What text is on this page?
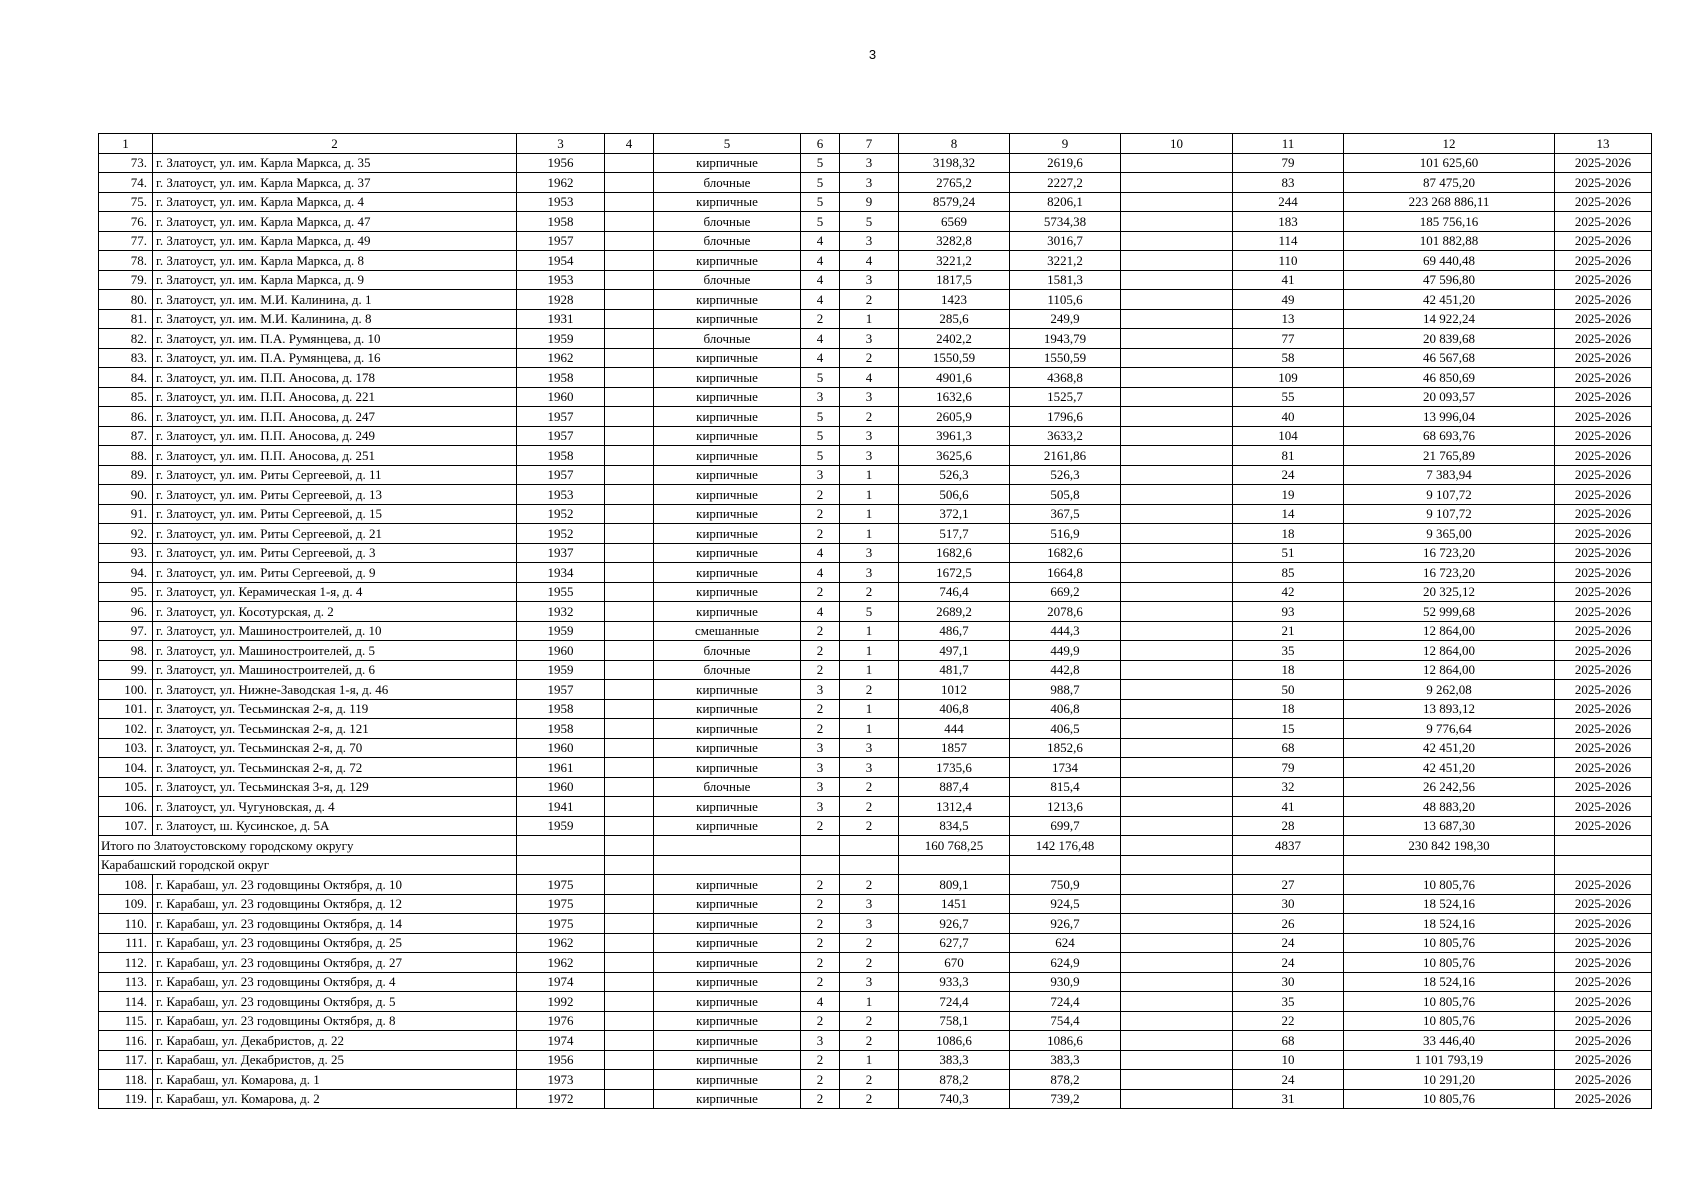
3
1	2	3	4	5	6	7	8	9	10	11	12	13
73.	г. Златоуст, ул. им. Карла Маркса, д. 35	1956		кирпичные	5	3	3198,32	2619,6		79	101 625,60	2025-2026
74.	г. Златоуст, ул. им. Карла Маркса, д. 37	1962		блочные	5	3	2765,2	2227,2		83	87 475,20	2025-2026
75.	г. Златоуст, ул. им. Карла Маркса, д. 4	1953		кирпичные	5	9	8579,24	8206,1		244	223 268 886,11	2025-2026
76.	г. Златоуст, ул. им. Карла Маркса, д. 47	1958		блочные	5	5	6569	5734,38		183	185 756,16	2025-2026
77.	г. Златоуст, ул. им. Карла Маркса, д. 49	1957		блочные	4	3	3282,8	3016,7		114	101 882,88	2025-2026
78.	г. Златоуст, ул. им. Карла Маркса, д. 8	1954		кирпичные	4	4	3221,2	3221,2		110	69 440,48	2025-2026
79.	г. Златоуст, ул. им. Карла Маркса, д. 9	1953		блочные	4	3	1817,5	1581,3		41	47 596,80	2025-2026
80.	г. Златоуст, ул. им. М.И. Калинина, д. 1	1928		кирпичные	4	2	1423	1105,6		49	42 451,20	2025-2026
81.	г. Златоуст, ул. им. М.И. Калинина, д. 8	1931		кирпичные	2	1	285,6	249,9		13	14 922,24	2025-2026
82.	г. Златоуст, ул. им. П.А. Румянцева, д. 10	1959		блочные	4	3	2402,2	1943,79		77	20 839,68	2025-2026
83.	г. Златоуст, ул. им. П.А. Румянцева, д. 16	1962		кирпичные	4	2	1550,59	1550,59		58	46 567,68	2025-2026
84.	г. Златоуст, ул. им. П.П. Аносова, д. 178	1958		кирпичные	5	4	4901,6	4368,8		109	46 850,69	2025-2026
85.	г. Златоуст, ул. им. П.П. Аносова, д. 221	1960		кирпичные	3	3	1632,6	1525,7		55	20 093,57	2025-2026
86.	г. Златоуст, ул. им. П.П. Аносова, д. 247	1957		кирпичные	5	2	2605,9	1796,6		40	13 996,04	2025-2026
87.	г. Златоуст, ул. им. П.П. Аносова, д. 249	1957		кирпичные	5	3	3961,3	3633,2		104	68 693,76	2025-2026
88.	г. Златоуст, ул. им. П.П. Аносова, д. 251	1958		кирпичные	5	3	3625,6	2161,86		81	21 765,89	2025-2026
89.	г. Златоуст, ул. им. Риты Сергеевой, д. 11	1957		кирпичные	3	1	526,3	526,3		24	7 383,94	2025-2026
90.	г. Златоуст, ул. им. Риты Сергеевой, д. 13	1953		кирпичные	2	1	506,6	505,8		19	9 107,72	2025-2026
91.	г. Златоуст, ул. им. Риты Сергеевой, д. 15	1952		кирпичные	2	1	372,1	367,5		14	9 107,72	2025-2026
92.	г. Златоуст, ул. им. Риты Сергеевой, д. 21	1952		кирпичные	2	1	517,7	516,9		18	9 365,00	2025-2026
93.	г. Златоуст, ул. им. Риты Сергеевой, д. 3	1937		кирпичные	4	3	1682,6	1682,6		51	16 723,20	2025-2026
94.	г. Златоуст, ул. им. Риты Сергеевой, д. 9	1934		кирпичные	4	3	1672,5	1664,8		85	16 723,20	2025-2026
95.	г. Златоуст, ул. Керамическая 1-я, д. 4	1955		кирпичные	2	2	746,4	669,2		42	20 325,12	2025-2026
96.	г. Златоуст, ул. Косотурская, д. 2	1932		кирпичные	4	5	2689,2	2078,6		93	52 999,68	2025-2026
97.	г. Златоуст, ул. Машиностроителей, д. 10	1959		смешанные	2	1	486,7	444,3		21	12 864,00	2025-2026
98.	г. Златоуст, ул. Машиностроителей, д. 5	1960		блочные	2	1	497,1	449,9		35	12 864,00	2025-2026
99.	г. Златоуст, ул. Машиностроителей, д. 6	1959		блочные	2	1	481,7	442,8		18	12 864,00	2025-2026
100.	г. Златоуст, ул. Нижне-Заводская 1-я, д. 46	1957		кирпичные	3	2	1012	988,7		50	9 262,08	2025-2026
101.	г. Златоуст, ул. Тесьминская 2-я, д. 119	1958		кирпичные	2	1	406,8	406,8		18	13 893,12	2025-2026
102.	г. Златоуст, ул. Тесьминская 2-я, д. 121	1958		кирпичные	2	1	444	406,5		15	9 776,64	2025-2026
103.	г. Златоуст, ул. Тесьминская 2-я, д. 70	1960		кирпичные	3	3	1857	1852,6		68	42 451,20	2025-2026
104.	г. Златоуст, ул. Тесьминская 2-я, д. 72	1961		кирпичные	3	3	1735,6	1734		79	42 451,20	2025-2026
105.	г. Златоуст, ул. Тесьминская 3-я, д. 129	1960		блочные	3	2	887,4	815,4		32	26 242,56	2025-2026
106.	г. Златоуст, ул. Чугуновская, д. 4	1941		кирпичные	3	2	1312,4	1213,6		41	48 883,20	2025-2026
107.	г. Златоуст, ш. Кусинское, д. 5А	1959		кирпичные	2	2	834,5	699,7		28	13 687,30	2025-2026
Итого по Златоустовскому городскому округу							160 768,25	142 176,48		4837	230 842 198,30	
Карабашский городской округ												
108.	г. Карабаш, ул. 23 годовщины Октября, д. 10	1975		кирпичные	2	2	809,1	750,9		27	10 805,76	2025-2026
109.	г. Карабаш, ул. 23 годовщины Октября, д. 12	1975		кирпичные	2	3	1451	924,5		30	18 524,16	2025-2026
110.	г. Карабаш, ул. 23 годовщины Октября, д. 14	1975		кирпичные	2	3	926,7	926,7		26	18 524,16	2025-2026
111.	г. Карабаш, ул. 23 годовщины Октября, д. 25	1962		кирпичные	2	2	627,7	624		24	10 805,76	2025-2026
112.	г. Карабаш, ул. 23 годовщины Октября, д. 27	1962		кирпичные	2	2	670	624,9		24	10 805,76	2025-2026
113.	г. Карабаш, ул. 23 годовщины Октября, д. 4	1974		кирпичные	2	3	933,3	930,9		30	18 524,16	2025-2026
114.	г. Карабаш, ул. 23 годовщины Октября, д. 5	1992		кирпичные	4	1	724,4	724,4		35	10 805,76	2025-2026
115.	г. Карабаш, ул. 23 годовщины Октября, д. 8	1976		кирпичные	2	2	758,1	754,4		22	10 805,76	2025-2026
116.	г. Карабаш, ул. Декабристов, д. 22	1974		кирпичные	3	2	1086,6	1086,6		68	33 446,40	2025-2026
117.	г. Карабаш, ул. Декабристов, д. 25	1956		кирпичные	2	1	383,3	383,3		10	1 101 793,19	2025-2026
118.	г. Карабаш, ул. Комарова, д. 1	1973		кирпичные	2	2	878,2	878,2		24	10 291,20	2025-2026
119.	г. Карабаш, ул. Комарова, д. 2	1972		кирпичные	2	2	740,3	739,2		31	10 805,76	2025-2026
